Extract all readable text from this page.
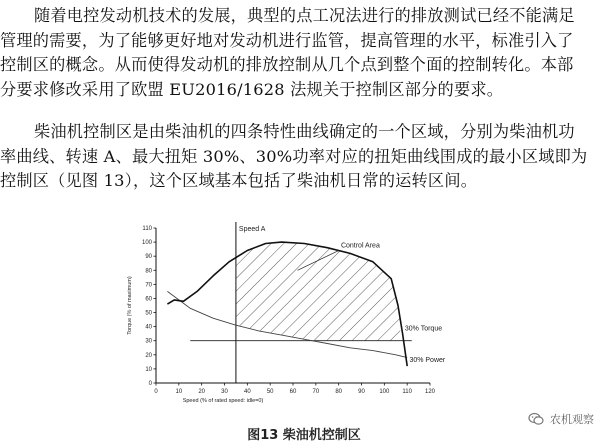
随着电控发动机技术的发展，典型的点工况法进行的排放测试已经不能满足
管理的需要，为了能够更好地对发动机进行监管，提高管理的水平，标准引入了
控制区的概念。从而使得发动机的排放控制从几个点到整个面的控制转化。本部
分要求修改采用了欧盟 EU2016/1628 法规关于控制区部分的要求。
柴油机控制区是由柴油机的四条特性曲线确定的一个区域，分别为柴油机功
率曲线、转速 A、最大扭矩 30%、30%功率对应的扭矩曲线围成的最小区域即为
控制区（见图 13），这个区域基本包括了柴油机日常的运转区间。
0	10	20	30	40	50	60	70	80	90 100 110 120
0
10
20
30
40
50
60
70
80
90
100
110
Speed (% of rated speed: idle=0)
Torque (% of maximum)
Speed A
30% Torque
30% Power
Control Area
图13 柴油机控制区
农机观察
